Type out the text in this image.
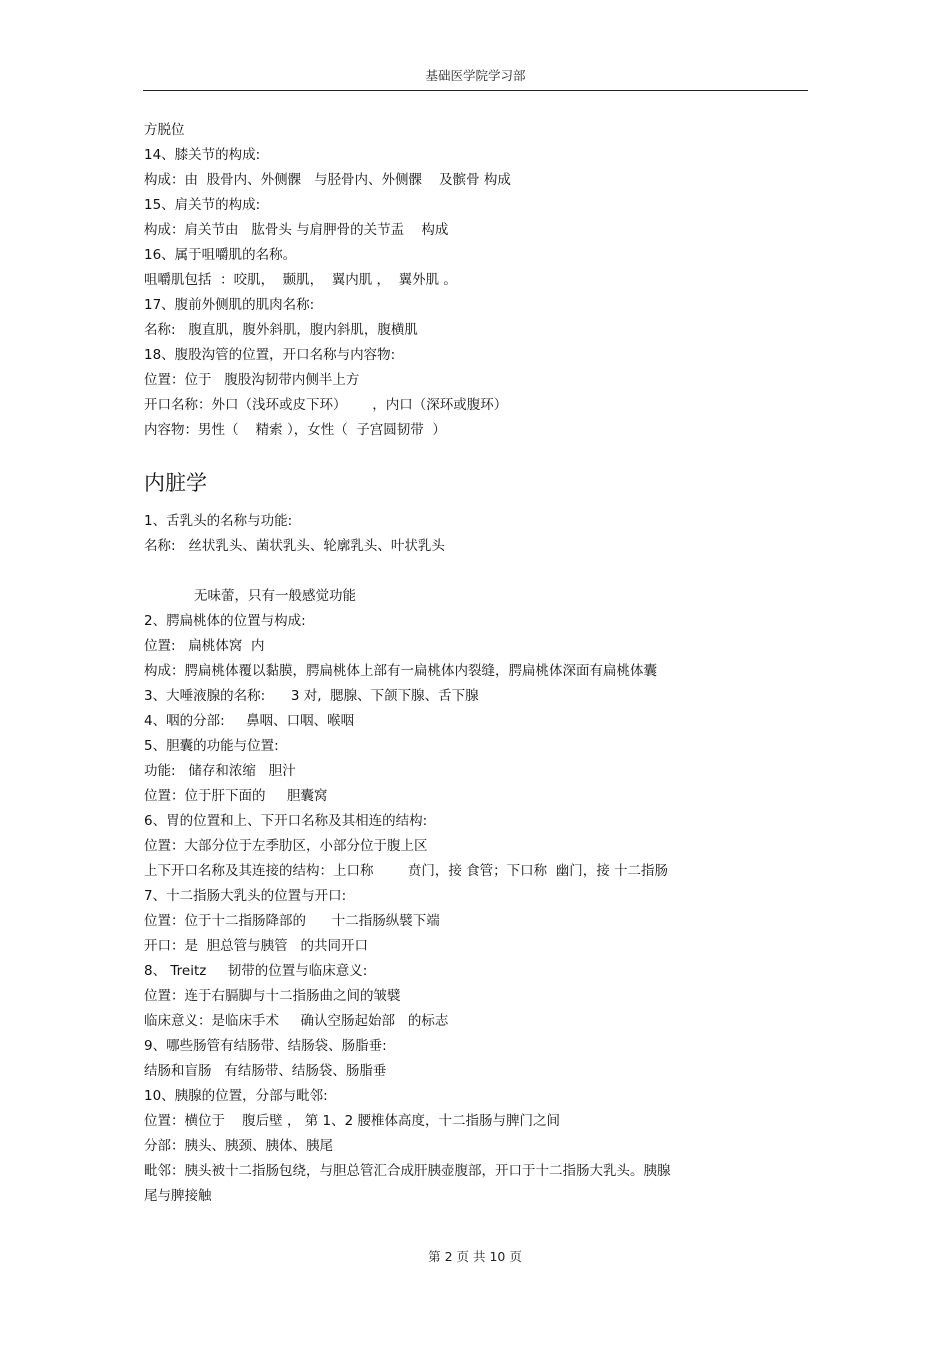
基础医学院学习部
方脱位
14、膝关节的构成:
构成：由  股骨内、外侧髁   与胫骨内、外侧髁    及髌骨 构成
15、肩关节的构成:
构成：肩关节由   肱骨头 与肩胛骨的关节盂    构成
16、属于咀嚼肌的名称。
咀嚼肌包括  ：咬肌，  颞肌，  翼内肌 ，  翼外肌 。
17、腹前外侧肌的肌肉名称:
名称:   腹直肌，腹外斜肌，腹内斜肌，腹横肌
18、腹股沟管的位置，开口名称与内容物:
位置：位于   腹股沟韧带内侧半上方
开口名称：外口（浅环或皮下环）      ，内口（深环或腹环）
内容物：男性（    精索 ），女性（  子宫圆韧带  ）
内脏学
1、舌乳头的名称与功能:
名称:   丝状乳头、菌状乳头、轮廓乳头、叶状乳头

无味蕾，只有一般感觉功能
2、腭扁桃体的位置与构成:
位置:   扁桃体窝  内
构成：腭扁桃体覆以黏膜，腭扁桃体上部有一扁桃体内裂缝，腭扁桃体深面有扁桃体囊
3、大唾液腺的名称:      3 对,  腮腺、下颌下腺、舌下腺
4、咽的分部:     鼻咽、口咽、喉咽
5、胆囊的功能与位置:
功能:   储存和浓缩   胆汁
位置：位于肝下面的     胆囊窝
6、胃的位置和上、下开口名称及其相连的结构:
位置：大部分位于左季肋区，小部分位于腹上区
上下开口名称及其连接的结构：上口称        贲门，接 食管；下口称  幽门，接 十二指肠
7、十二指肠大乳头的位置与开口:
位置：位于十二指肠降部的      十二指肠纵襞下端
开口：是  胆总管与胰管   的共同开口
8、 Treitz     韧带的位置与临床意义:
位置：连于右膈脚与十二指肠曲之间的皱襞
临床意义：是临床手术     确认空肠起始部   的标志
9、哪些肠管有结肠带、结肠袋、肠脂垂:
结肠和盲肠   有结肠带、结肠袋、肠脂垂
10、胰腺的位置，分部与毗邻:
位置：横位于    腹后壁 ， 第 1、2 腰椎体高度，十二指肠与脾门之间
分部：胰头、胰颈、胰体、胰尾
毗邻：胰头被十二指肠包绕，与胆总管汇合成肝胰壶腹部，开口于十二指肠大乳头。胰腺
尾与脾接触
第 2 页 共 10 页
